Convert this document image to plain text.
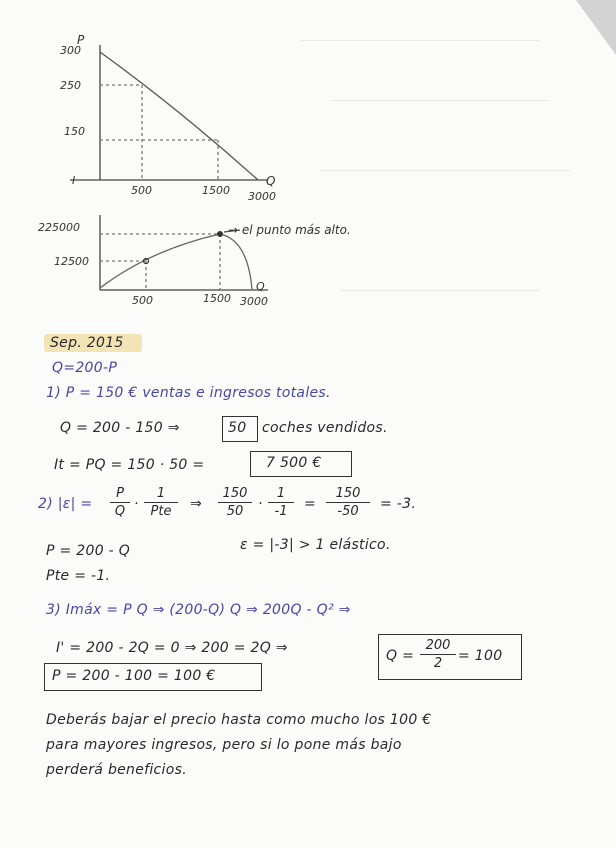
P
Q
300
250
150
I
500	1500 3000
225000
12500
Q
500	1500 3000
→ el punto más alto.
Sep. 2015
Q=200-P
1) P = 150 € ventas e ingresos totales.
Q = 200 - 150 ⇒	50 coches vendidos.
It = PQ = 150 · 50 =	7 500 €
2) |ε| =
P
Q ·
1
Pte	⇒
150
50	·
1
-1	=
150
-50	= -3.
ε = |-3| > 1 elástico.
P = 200 - Q
Pte = -1.
3) Imáx = P Q ⇒ (200-Q) Q ⇒ 200Q - Q² ⇒
I' = 200 - 2Q = 0 ⇒ 200 = 2Q ⇒	Q =
200
2	= 100
P = 200 - 100 = 100 €
Deberás bajar el precio hasta como mucho los 100 €
para mayores ingresos, pero si lo pone más bajo
perderá beneficios.
